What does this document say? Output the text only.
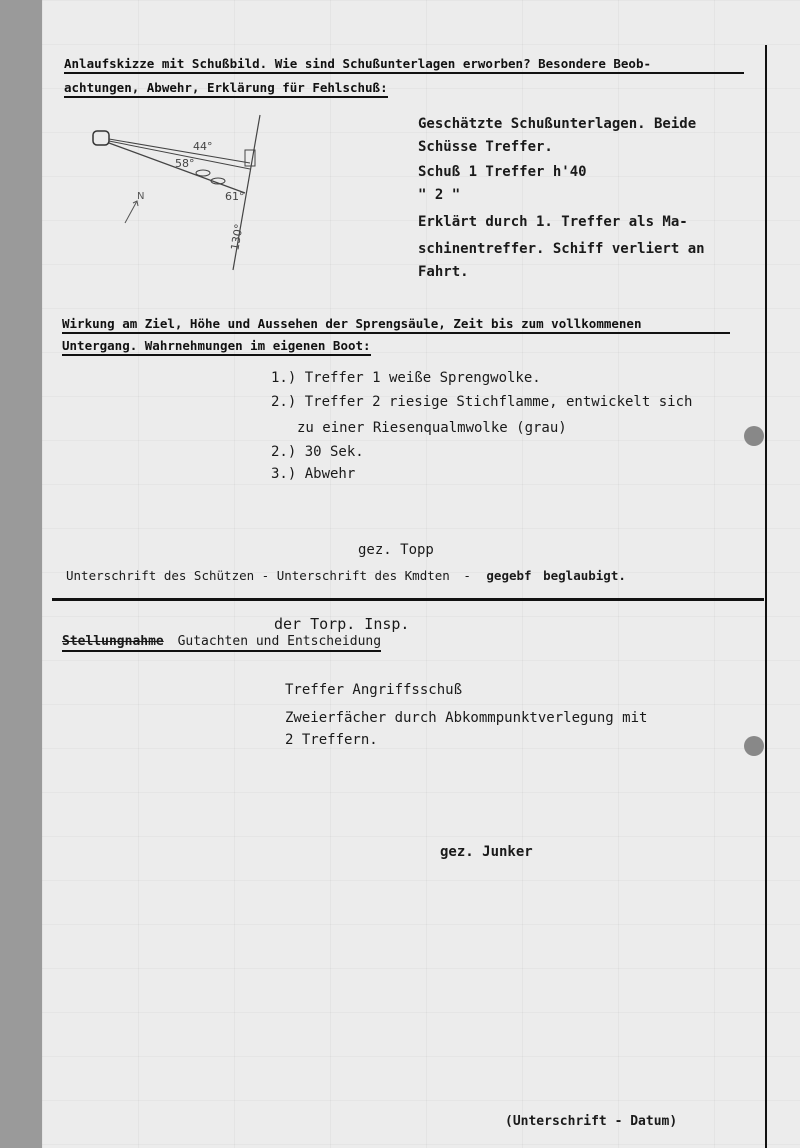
Anlaufskizze mit Schußbild. Wie sind Schußunterlagen erworben? Besondere Beob-
achtungen, Abwehr, Erklärung für Fehlschuß:
44°
58°
61°
130°
N
Geschätzte Schußunterlagen. Beide
Schüsse Treffer.
Schuß 1 Treffer h'40
" 2 "
Erklärt durch 1. Treffer als Ma-
schinentreffer. Schiff verliert an
Fahrt.
Wirkung am Ziel, Höhe und Aussehen der Sprengsäule, Zeit bis zum vollkommenen
Untergang. Wahrnehmungen im eigenen Boot:
1.) Treffer 1 weiße Sprengwolke.
2.) Treffer 2 riesige Stichflamme, entwickelt sich
zu einer Riesenqualmwolke (grau)
2.) 30 Sek.
3.) Abwehr
gez. Topp
Unterschrift des Schützen - Unterschrift des Kmdten - gegebf beglaubigt.
der Torp. Insp.
Stellungnahme Gutachten und Entscheidung
Treffer Angriffsschuß
Zweierfächer durch Abkommpunktverlegung mit
2 Treffern.
gez. Junker
(Unterschrift - Datum)
